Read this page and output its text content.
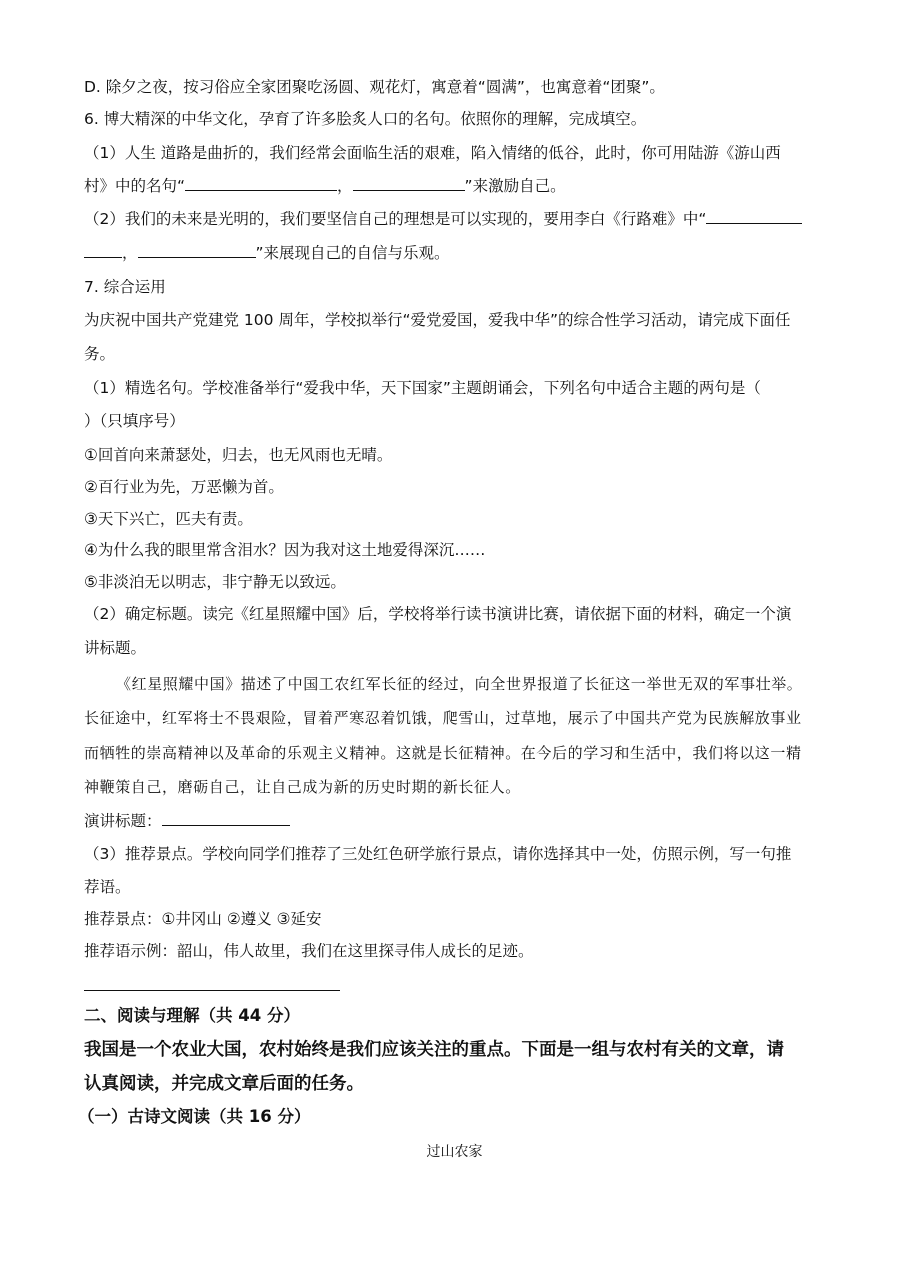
D. 除夕之夜，按习俗应全家团聚吃汤圆、观花灯，寓意着“圆满”，也寓意着“团聚”。
6. 博大精深的中华文化，孕育了许多脍炙人口的名句。依照你的理解，完成填空。
（1）人生 道路是曲折的，我们经常会面临生活的艰难，陷入情绪的低谷，此时，你可用陆游《游山西
村》中的名句“	，	”来激励自己。
（2）我们的未来是光明的，我们要坚信自己的理想是可以实现的，要用李白《行路难》中“
，	”来展现自己的自信与乐观。
7. 综合运用
为庆祝中国共产党建党 100 周年，学校拟举行“爱党爱国，爱我中华”的综合性学习活动，请完成下面任
务。
（1）精选名句。学校准备举行“爱我中华，天下国家”主题朗诵会，下列名句中适合主题的两句是（
）（只填序号）
①回首向来萧瑟处，归去，也无风雨也无晴。
②百行业为先，万恶懒为首。
③天下兴亡，匹夫有责。
④为什么我的眼里常含泪水？因为我对这土地爱得深沉……
⑤非淡泊无以明志，非宁静无以致远。
（2）确定标题。读完《红星照耀中国》后，学校将举行读书演讲比赛，请依据下面的材料，确定一个演
讲标题。
《红星照耀中国》描述了中国工农红军长征的经过，向全世界报道了长征这一举世无双的军事壮举。
长征途中，红军将士不畏艰险，冒着严寒忍着饥饿，爬雪山，过草地，展示了中国共产党为民族解放事业
而牺牲的崇高精神以及革命的乐观主义精神。这就是长征精神。在今后的学习和生活中，我们将以这一精
神鞭策自己，磨砺自己，让自己成为新的历史时期的新长征人。
演讲标题：
（3）推荐景点。学校向同学们推荐了三处红色研学旅行景点，请你选择其中一处，仿照示例，写一句推
荐语。
推荐景点：①井冈山 ②遵义 ③延安
推荐语示例：韶山，伟人故里，我们在这里探寻伟人成长的足迹。
二、阅读与理解（共 44 分）
我国是一个农业大国，农村始终是我们应该关注的重点。下面是一组与农村有关的文章，请
认真阅读，并完成文章后面的任务。
（一）古诗文阅读（共 16 分）
过山农家
